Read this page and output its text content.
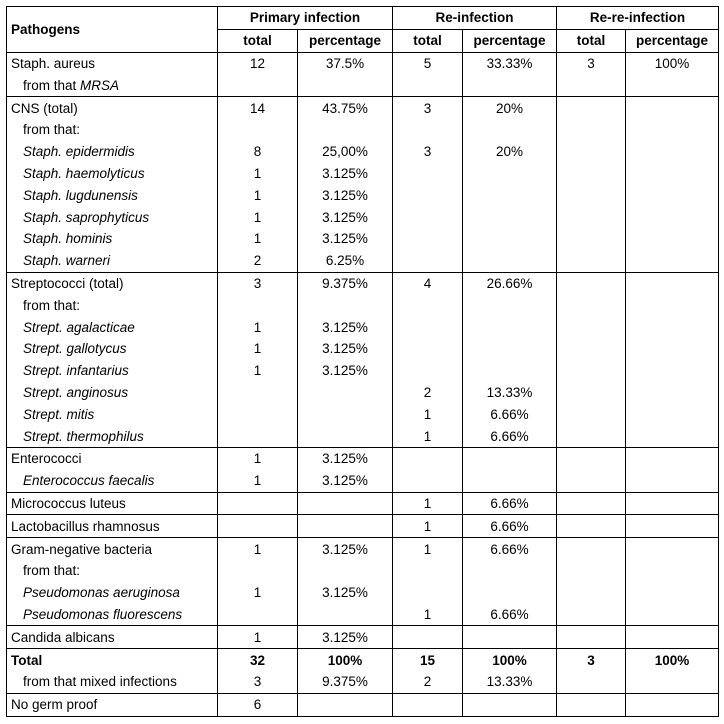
Pathogens	Primary infection		Re-infection		Re-re-infection	
	total	percentage	total	percentage	total	percentage
Staph. aureus	12	37.5%	5	33.33%	3	100%
from that MRSA						
CNS (total)	14	43.75%	3	20%		
from that:						
Staph. epidermidis	8	25,00%	3	20%		
Staph. haemolyticus	1	3.125%				
Staph. lugdunensis	1	3.125%				
Staph. saprophyticus	1	3.125%				
Staph. hominis	1	3.125%				
Staph. warneri	2	6.25%				
Streptococci (total)	3	9.375%	4	26.66%		
from that:						
Strept. agalacticae	1	3.125%				
Strept. gallotycus	1	3.125%				
Strept. infantarius	1	3.125%				
Strept. anginosus			2	13.33%		
Strept. mitis			1	6.66%		
Strept. thermophilus			1	6.66%		
Enterococci	1	3.125%				
Enterococcus faecalis	1	3.125%				
Micrococcus luteus			1	6.66%		
Lactobacillus rhamnosus			1	6.66%		
Gram-negative bacteria	1	3.125%	1	6.66%		
from that:						
Pseudomonas aeruginosa	1	3.125%				
Pseudomonas fluorescens			1	6.66%		
Candida albicans	1	3.125%				
Total	32	100%	15	100%	3	100%
from that mixed infections	3	9.375%	2	13.33%		
No germ proof	6					
